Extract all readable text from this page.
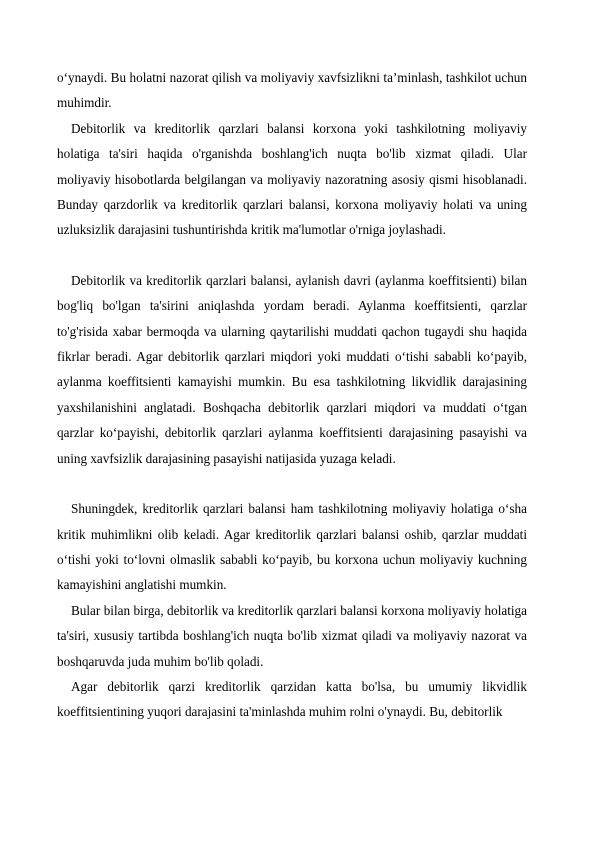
o‘ynaydi. Bu holatni nazorat qilish va moliyaviy xavfsizlikni ta’minlash, tashkilot uchun muhimdir.

Debitorlik va kreditorlik qarzlari balansi korxona yoki tashkilotning moliyaviy holatiga ta'siri haqida o'rganishda boshlang'ich nuqta bo'lib xizmat qiladi. Ular moliyaviy hisobotlarda belgilangan va moliyaviy nazoratning asosiy qismi hisoblanadi. Bunday qarzdorlik va kreditorlik qarzlari balansi, korxona moliyaviy holati va uning uzluksizlik darajasini tushuntirishda kritik ma'lumotlar o'rniga joylashadi.

Debitorlik va kreditorlik qarzlari balansi, aylanish davri (aylanma koeffitsienti) bilan bog'liq bo'lgan ta'sirini aniqlashda yordam beradi. Aylanma koeffitsienti, qarzlar to'g'risida xabar bermoqda va ularning qaytarilishi muddati qachon tugaydi shu haqida fikrlar beradi. Agar debitorlik qarzlari miqdori yoki muddati o‘tishi sababli ko‘payib, aylanma koeffitsienti kamayishi mumkin. Bu esa tashkilotning likvidlik darajasining yaxshilanishini anglatadi. Boshqacha debitorlik qarzlari miqdori va muddati o‘tgan qarzlar ko‘payishi, debitorlik qarzlari aylanma koeffitsienti darajasining pasayishi va uning xavfsizlik darajasining pasayishi natijasida yuzaga keladi.

Shuningdek, kreditorlik qarzlari balansi ham tashkilotning moliyaviy holatiga o‘sha kritik muhimlikni olib keladi. Agar kreditorlik qarzlari balansi oshib, qarzlar muddati o‘tishi yoki to‘lovni olmaslik sababli ko‘payib, bu korxona uchun moliyaviy kuchning kamayishini anglatishi mumkin.

Bular bilan birga, debitorlik va kreditorlik qarzlari balansi korxona moliyaviy holatiga ta'siri, xususiy tartibda boshlang'ich nuqta bo'lib xizmat qiladi va moliyaviy nazorat va boshqaruvda juda muhim bo'lib qoladi.

Agar debitorlik qarzi kreditorlik qarzidan katta bo'lsa, bu umumiy likvidlik koeffitsientining yuqori darajasini ta'minlashda muhim rolni o'ynaydi. Bu, debitorlik
